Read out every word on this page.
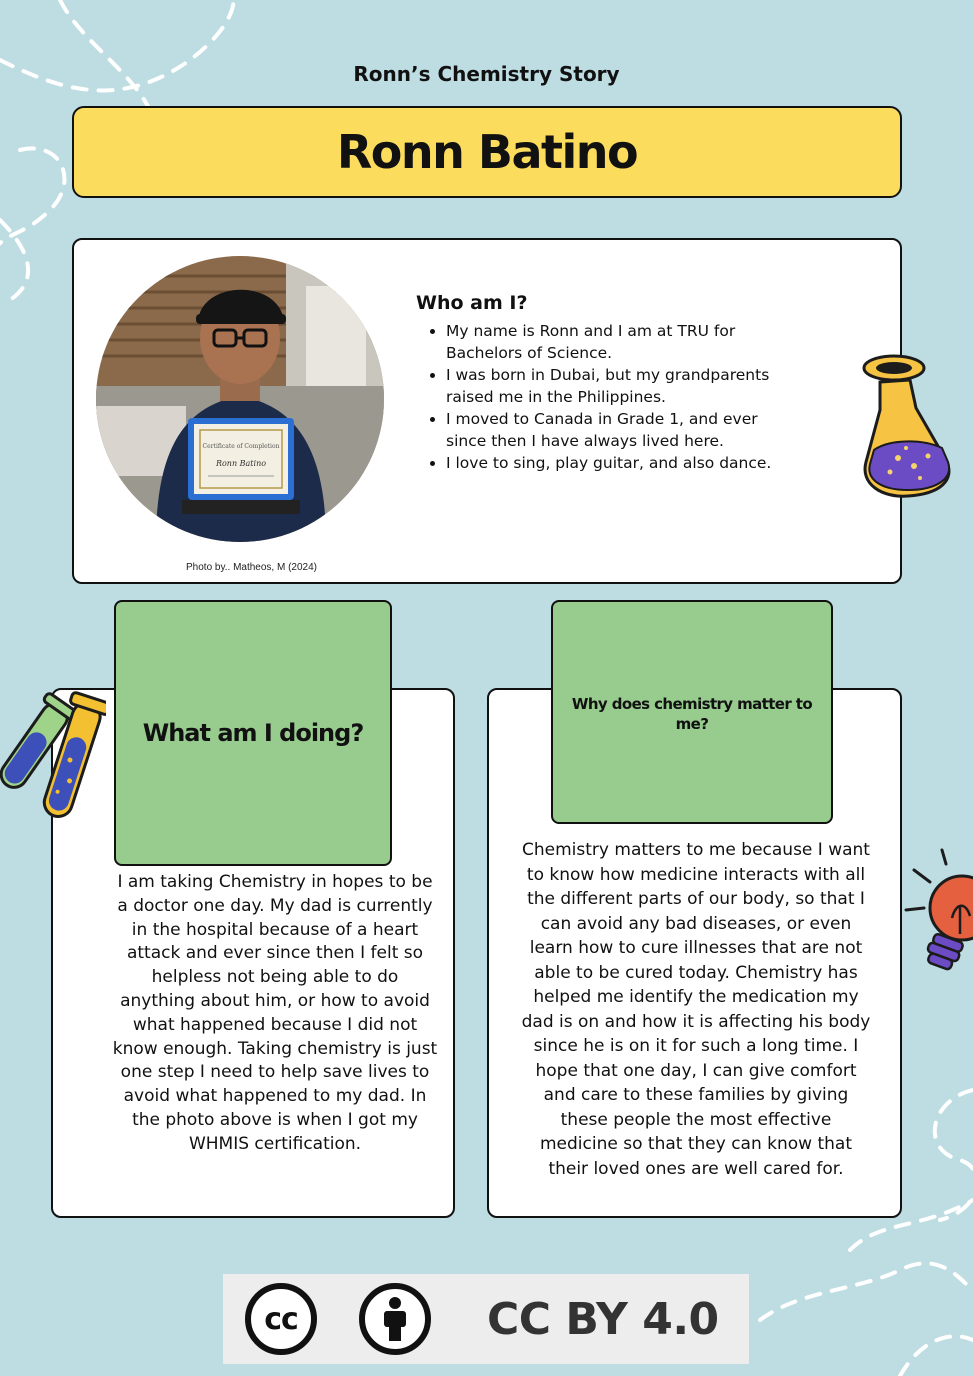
Ronn’s Chemistry Story
Ronn Batino
Certificate of Completion
Ronn Batino
Photo by.. Matheos, M (2024)
Who am I?
• My name is Ronn and I am at TRU for Bachelors of Science.
• I was born in Dubai, but my grandparents raised me in the Philippines.
• I moved to Canada in Grade 1, and ever since then I have always lived here.
• I love to sing, play guitar, and also dance.
What am I doing?
I am taking Chemistry in hopes to be a doctor one day. My dad is currently in the hospital because of a heart attack and ever since then I felt so helpless not being able to do anything about him, or how to avoid what happened because I did not know enough. Taking chemistry is just one step I need to help save lives to avoid what happened to my dad. In the photo above is when I got my WHMIS certification.
Why does chemistry matter to me?
Chemistry matters to me because I want to know how medicine interacts with all the different parts of our body, so that I can avoid any bad diseases, or even learn how to cure illnesses that are not able to be cured today. Chemistry has helped me identify the medication my dad is on and how it is affecting his body since he is on it for such a long time. I hope that one day, I can give comfort and care to these families by giving these people the most effective medicine so that they can know that their loved ones are well cared for.
cc	CC BY 4.0
